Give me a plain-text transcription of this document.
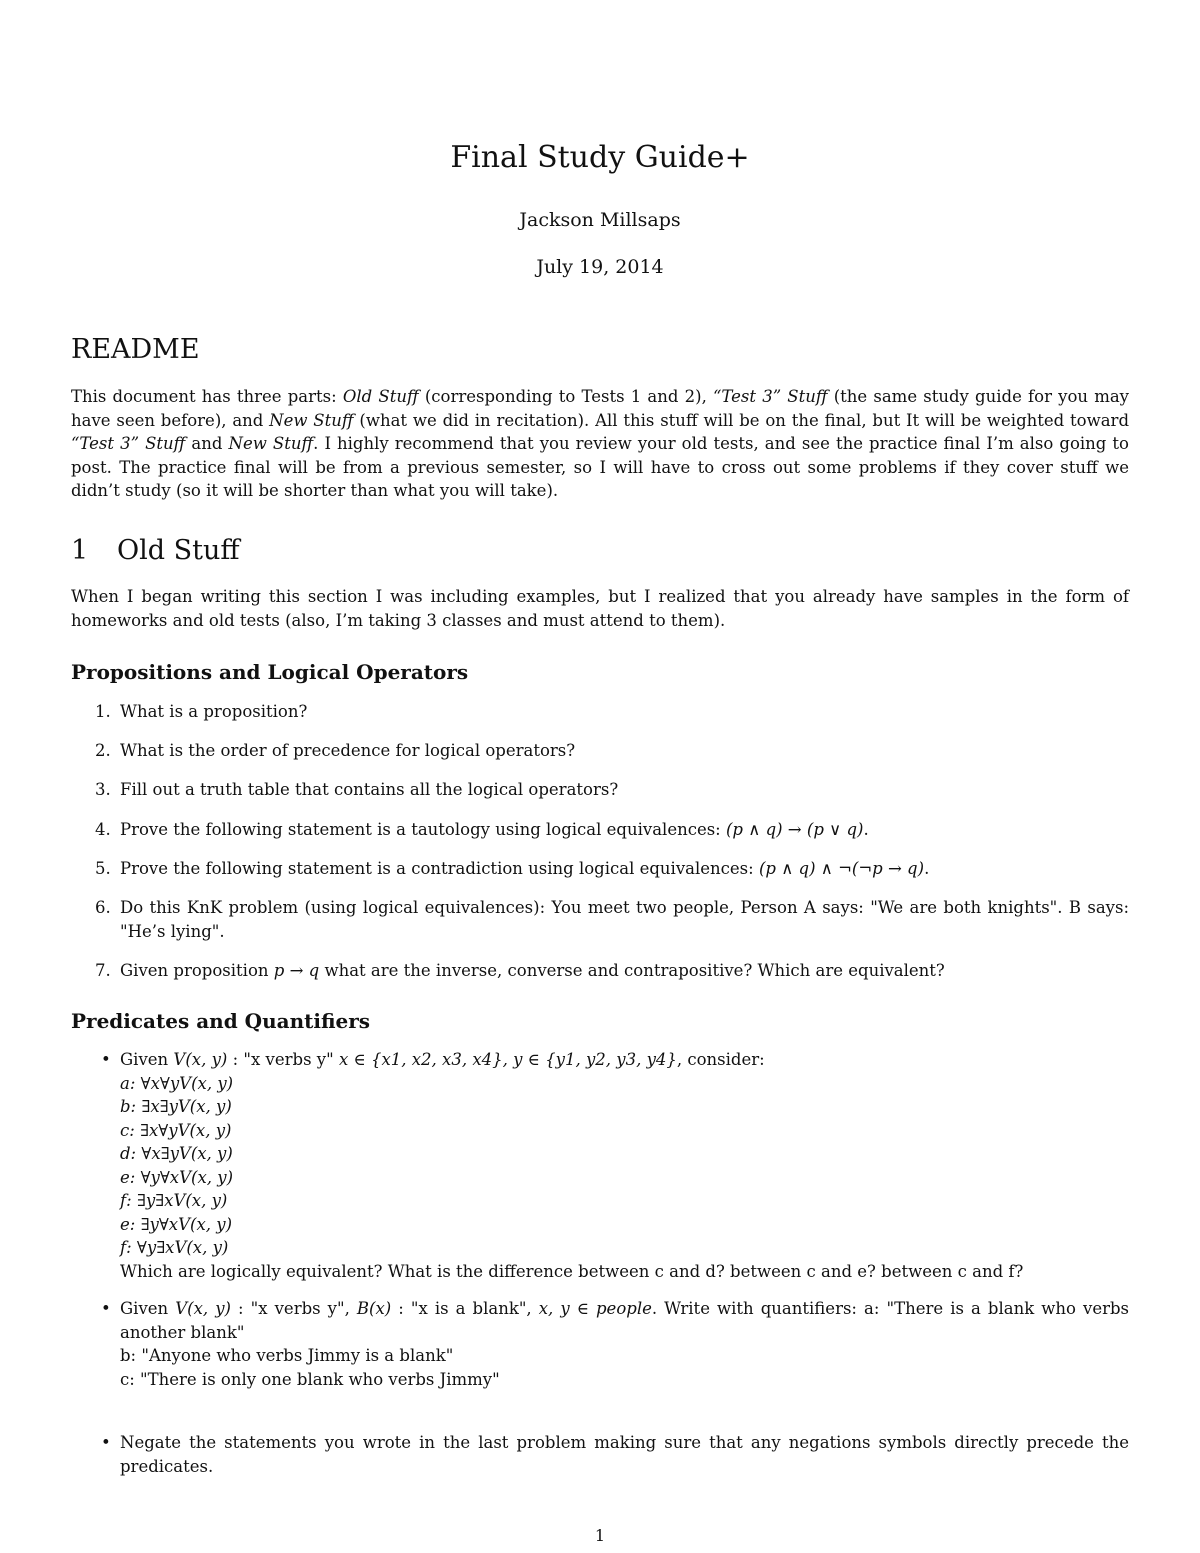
Final Study Guide+
Jackson Millsaps
July 19, 2014
README

This document has three parts: Old Stuff (corresponding to Tests 1 and 2), “Test 3” Stuff (the same study guide for you may have seen before), and New Stuff (what we did in recitation). All this stuff will be on the final, but It will be weighted toward “Test 3” Stuff and New Stuff. I highly recommend that you review your old tests, and see the practice final I’m also going to post. The practice final will be from a previous semester, so I will have to cross out some problems if they cover stuff we didn’t study (so it will be shorter than what you will take).

1 Old Stuff

When I began writing this section I was including examples, but I realized that you already have samples in the form of homeworks and old tests (also, I’m taking 3 classes and must attend to them).

Propositions and Logical Operators
1. What is a proposition?
2. What is the order of precedence for logical operators?
3. Fill out a truth table that contains all the logical operators?
4. Prove the following statement is a tautology using logical equivalences: (p ∧ q) → (p ∨ q).
5. Prove the following statement is a contradiction using logical equivalences: (p ∧ q) ∧ ¬(¬p → q).
6. Do this KnK problem (using logical equivalences): You meet two people, Person A says: "We are both knights". B says: "He’s lying".
7. Given proposition p → q what are the inverse, converse and contrapositive? Which are equivalent?
Predicates and Quantifiers
• Given V(x, y) : "x verbs y" x ∈ {x1, x2, x3, x4}, y ∈ {y1, y2, y3, y4}, consider:
a: ∀x∀yV(x, y)
b: ∃x∃yV(x, y)
c: ∃x∀yV(x, y)
d: ∀x∃yV(x, y)
e: ∀y∀xV(x, y)
f: ∃y∃xV(x, y)
e: ∃y∀xV(x, y)
f: ∀y∃xV(x, y)
Which are logically equivalent? What is the difference between c and d? between c and e? between c and f?
• Given V(x, y) : "x verbs y", B(x) : "x is a blank", x, y ∈ people. Write with quantifiers: a: "There is a blank who verbs another blank"
b: "Anyone who verbs Jimmy is a blank"
c: "There is only one blank who verbs Jimmy"
• Negate the statements you wrote in the last problem making sure that any negations symbols directly precede the predicates.
1
